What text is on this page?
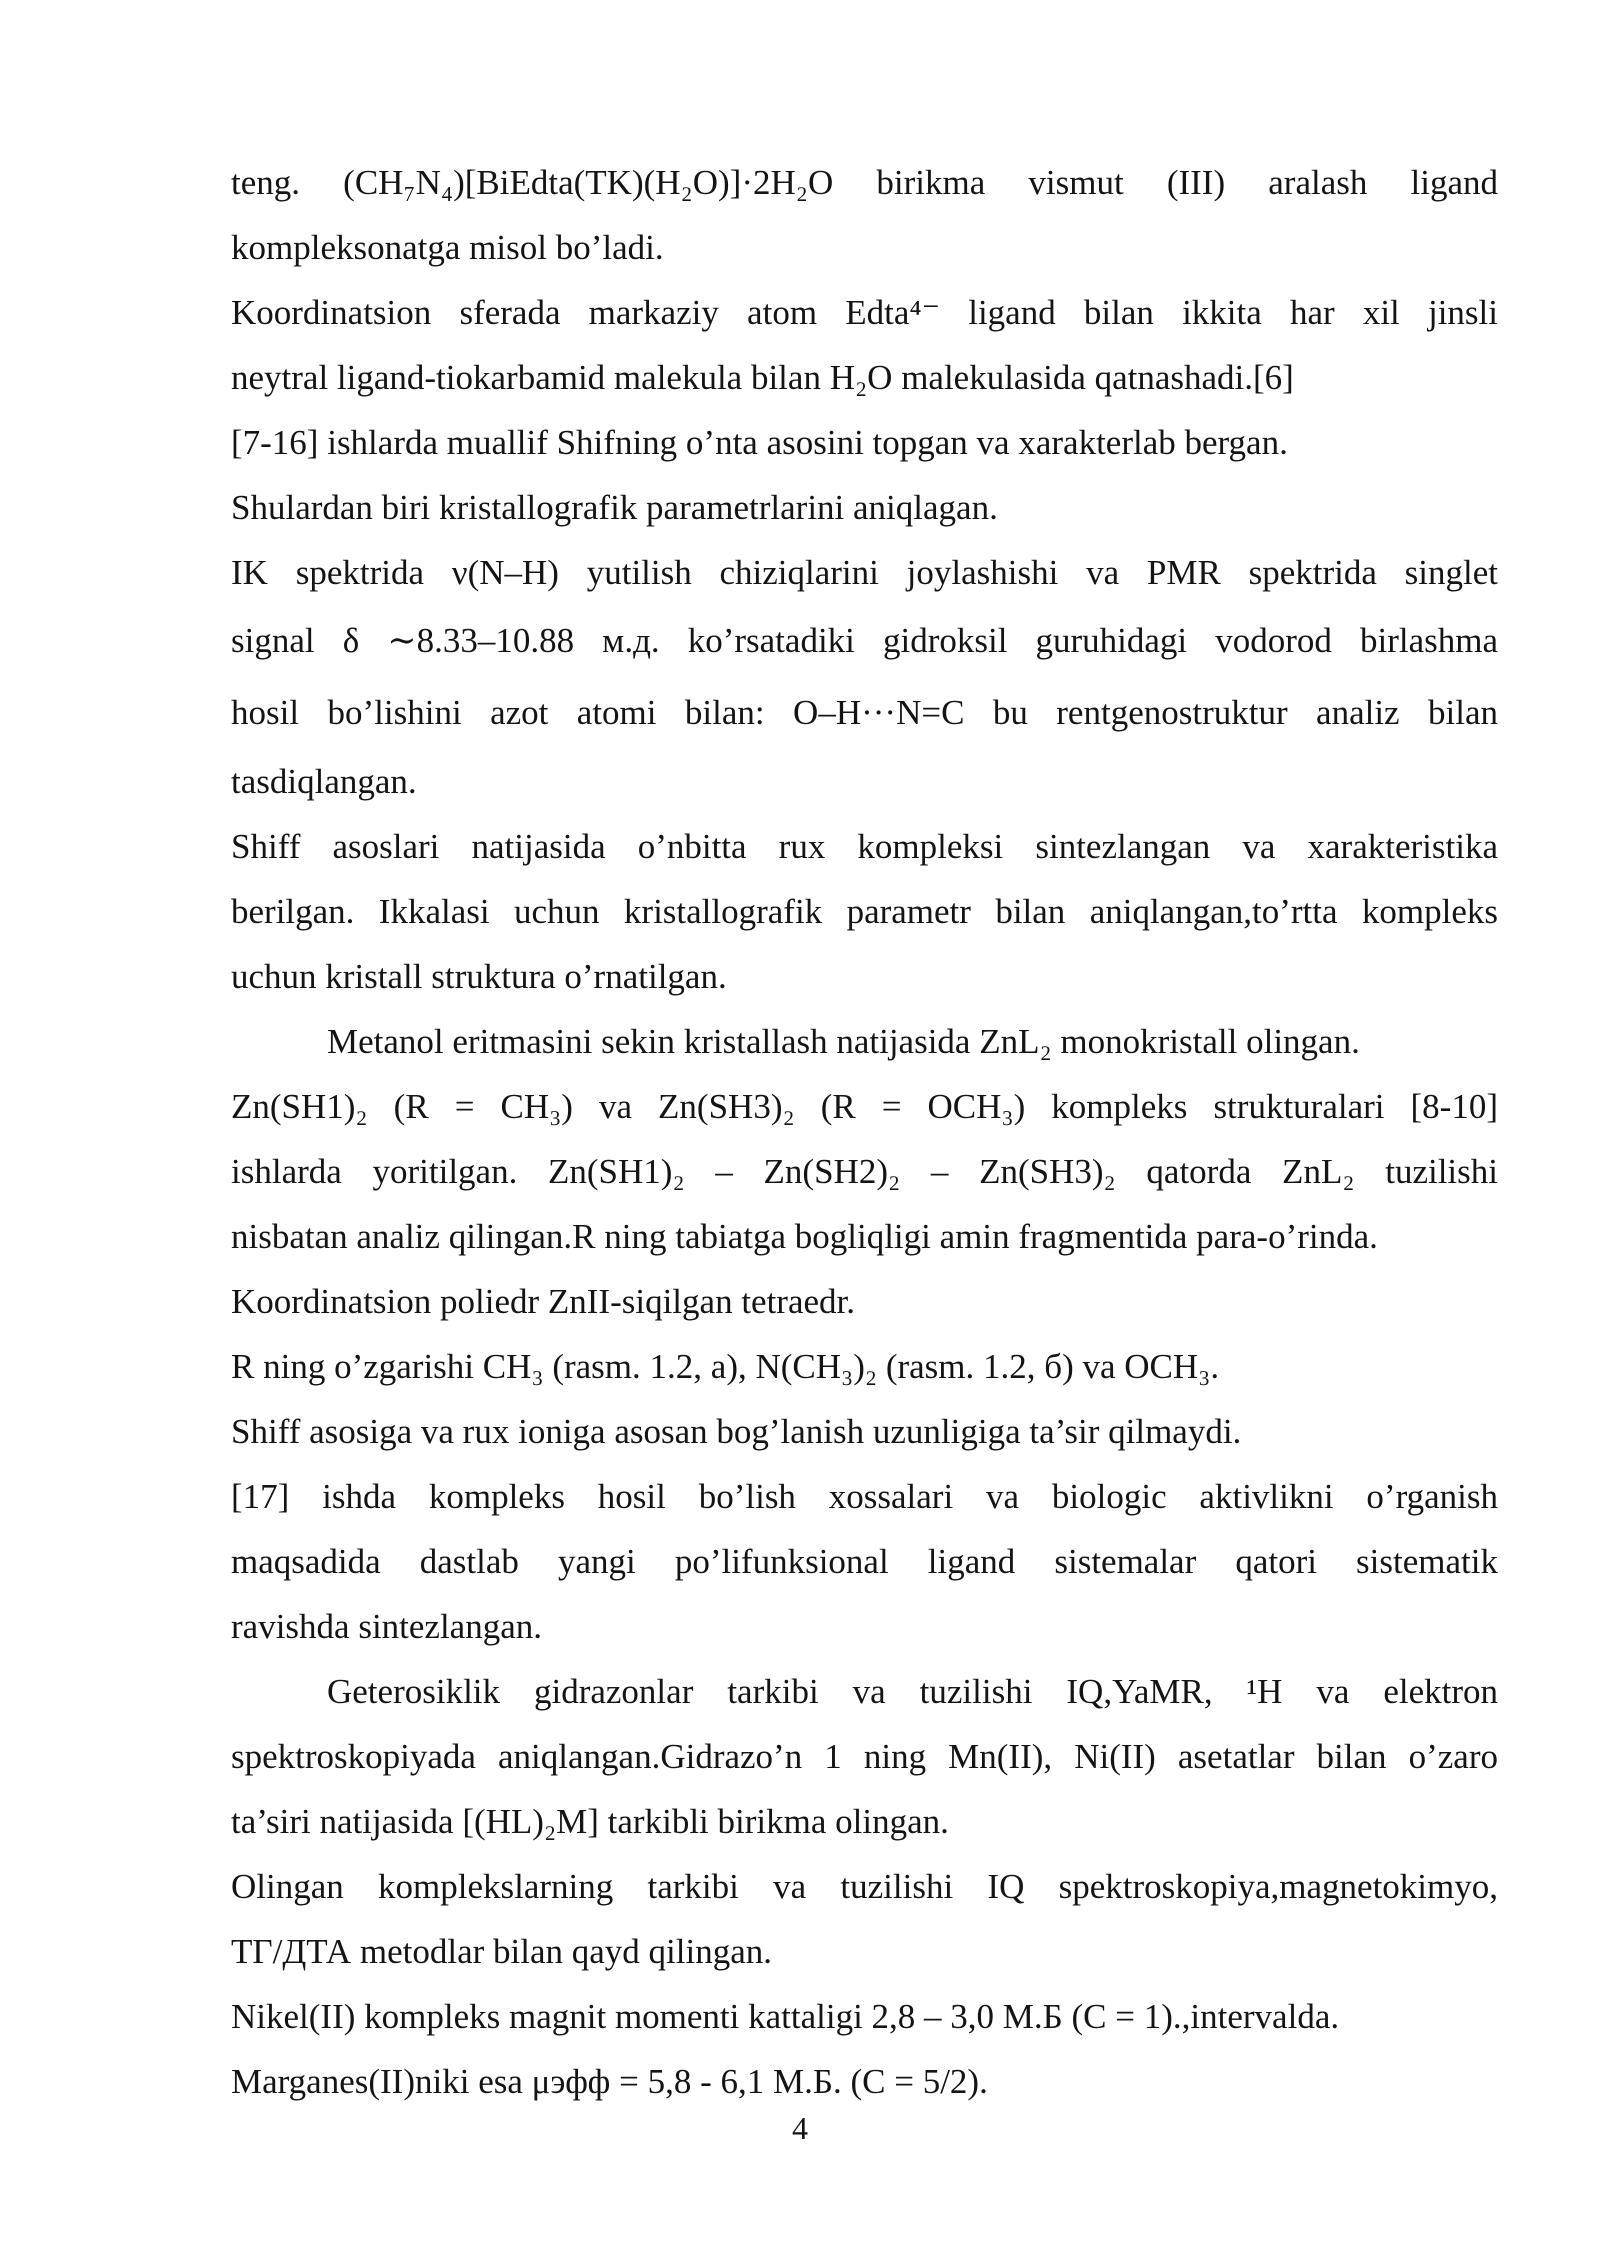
teng. (CH₇N₄)[BiEdta(TK)(H₂O)]·2H₂O birikma vismut (III) aralash ligand
kompleksonatga misol bo’ladi.
Koordinatsion sferada markaziy atom Edta⁴⁻ ligand bilan ikkita har xil jinsli
neytral ligand-tiokarbamid malekula bilan H₂O malekulasida qatnashadi.[6]
[7-16] ishlarda muallif Shifning o’nta asosini topgan va xarakterlab bergan.
Shulardan biri kristallografik parametrlarini aniqlagan.
IK spektrida ν(N–H) yutilish chiziqlarini joylashishi va PMR spektrida singlet
signal δ ∼8.33–10.88 м.д. ko’rsatadiki gidroksil guruhidagi vodorod birlashma
hosil bo’lishini azot atomi bilan: O–H···N=C bu rentgenostruktur analiz bilan
tasdiqlangan.
Shiff asoslari natijasida o’nbitta rux kompleksi sintezlangan va xarakteristika
berilgan. Ikkalasi uchun kristallografik parametr bilan aniqlangan,to’rtta kompleks
uchun kristall struktura o’rnatilgan.
Metanol eritmasini sekin kristallash natijasida ZnL₂ monokristall olingan.
Zn(SH1)₂ (R = CH₃) va Zn(SH3)₂ (R = OCH₃) kompleks strukturalari [8-10]
ishlarda yoritilgan. Zn(SH1)₂ – Zn(SH2)₂ – Zn(SH3)₂ qatorda ZnL₂ tuzilishi
nisbatan analiz qilingan.R ning tabiatga bogliqligi amin fragmentida para-o’rinda.
Koordinatsion poliedr ZnII-siqilgan tetraedr.
R ning o’zgarishi CH₃ (rasm. 1.2, a), N(CH₃)₂ (rasm. 1.2, б) va OCH₃.
Shiff asosiga va rux ioniga asosan bog’lanish uzunligiga ta’sir qilmaydi.
[17] ishda kompleks hosil bo’lish xossalari va biologic aktivlikni o’rganish
maqsadida dastlab yangi po’lifunksional ligand sistemalar qatori sistematik
ravishda sintezlangan.
Geterosiklik gidrazonlar tarkibi va tuzilishi IQ,YaMR, ¹H va elektron
spektroskopiyada aniqlangan.Gidrazo’n 1 ning Mn(II), Ni(II) asetatlar bilan o’zaro
ta’siri natijasida [(HL)₂M] tarkibli birikma olingan.
Olingan komplekslarning tarkibi va tuzilishi IQ spektroskopiya,magnetokimyo,
ТГ/ДТА metodlar bilan qayd qilingan.
Nikel(II) kompleks magnit momenti kattaligi 2,8 – 3,0 М.Б (С = 1).,intervalda.
Marganes(II)niki esa μэфф = 5,8 - 6,1 М.Б. (С = 5/2).
4
